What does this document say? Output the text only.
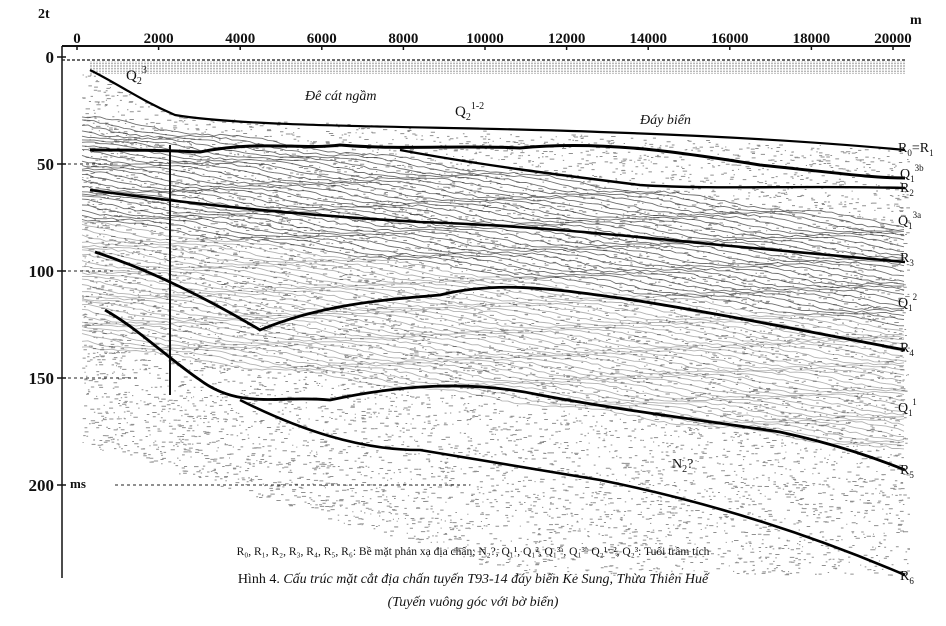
0	2000	4000	6000	8000	10000	12000	14000	16000	18000	20000
0
50
100
150
200
2t
ms
m
$Q_2^3$
Đê cát ngầm
$Q_2^{1-2}$
Đáy biển
$N_2$?
$R_0=R_1$
$Q_1^{3b}$
$R_2$
$Q_1^{3a}$
$R_3$
$Q_1^2$
$R_4$
$Q_1^1$
$R_5$
$R_6$
R₀, R₁, R₂, R₃, R₄, R₅, R₆: Bề mặt phản xạ địa chấn; N₂?, Q₁¹, Q₁², Q₁³ᵃ, Q₁³ᵇ Q₂¹⁻², Q₂³: Tuổi trầm tích
Hình 4. Cấu trúc mặt cắt địa chấn tuyến T93-14 đáy biển Ke Sung, Thừa Thiên Huế
(Tuyến vuông góc với bờ biển)
